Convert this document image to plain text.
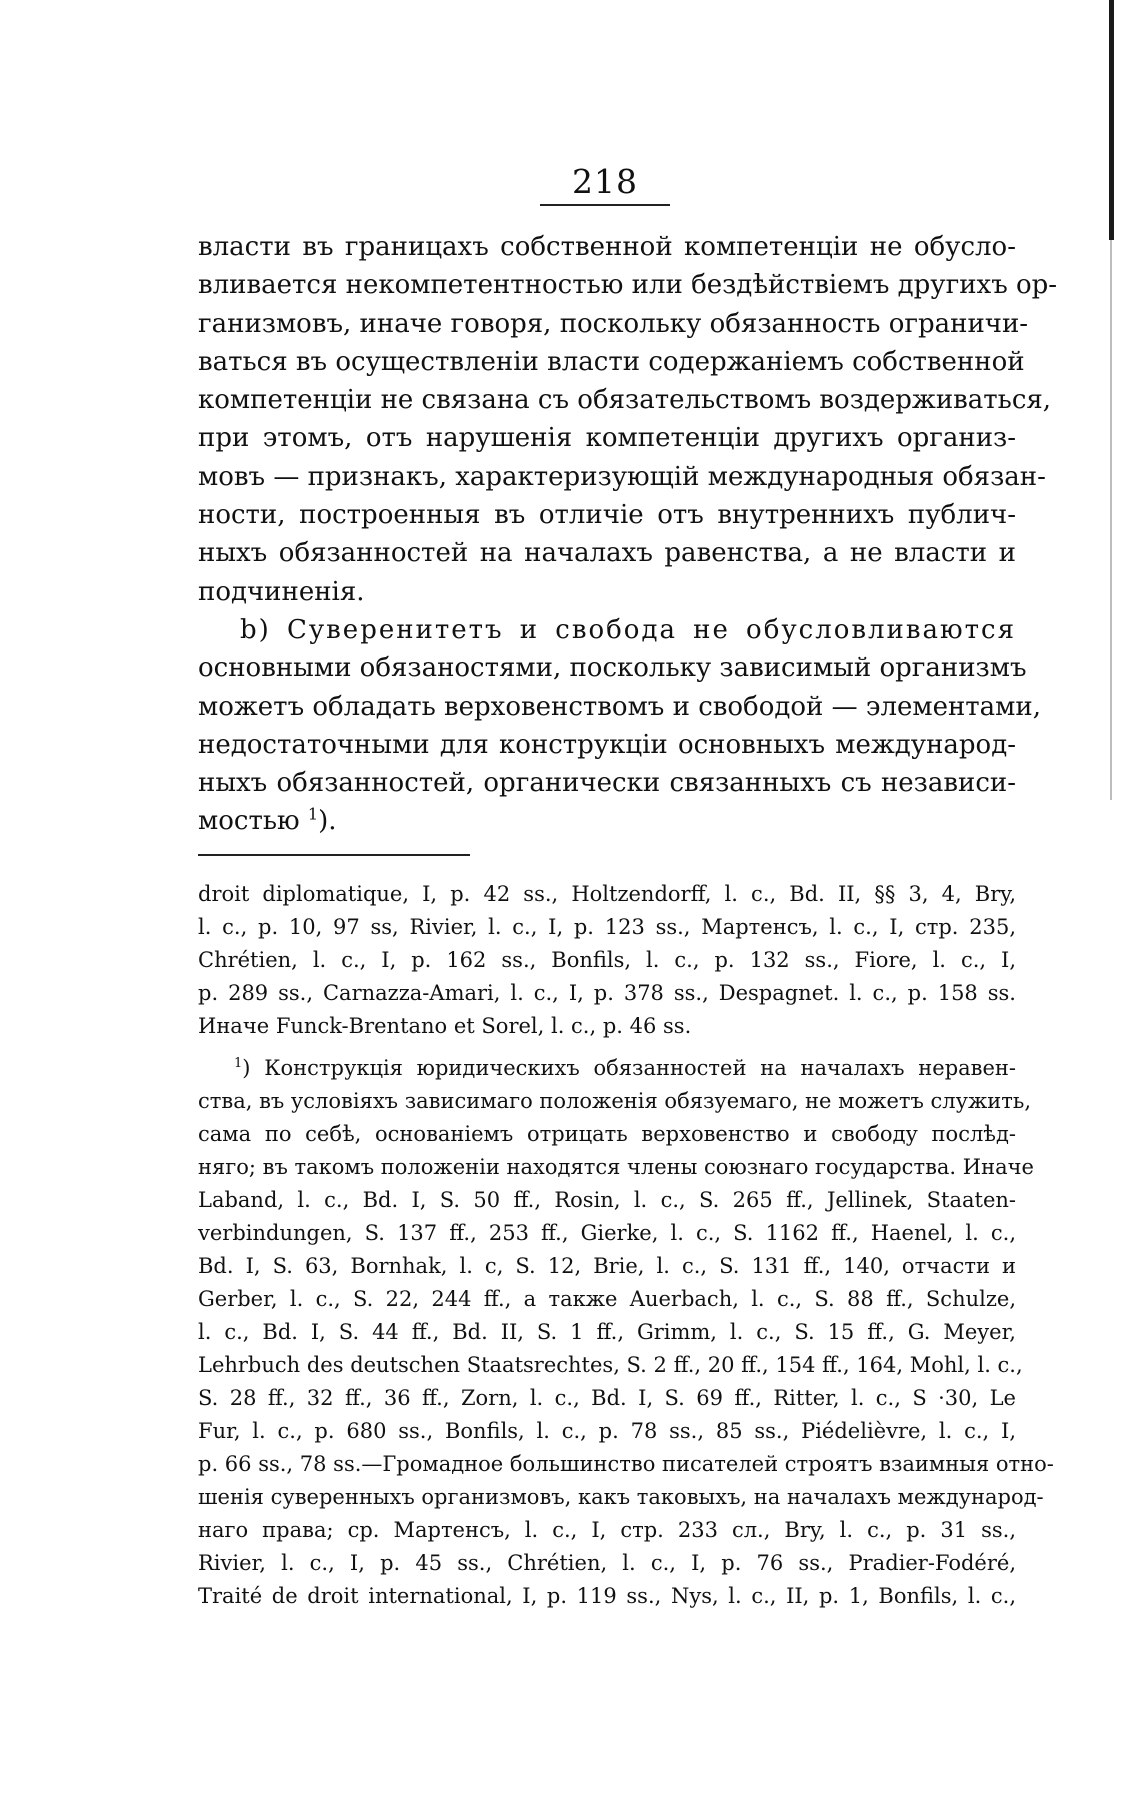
218
власти въ границахъ собственной компетенціи не обусло-
вливается некомпетентностью или бездѣйствіемъ другихъ ор-
ганизмовъ, иначе говоря, поскольку обязанность ограничи-
ваться въ осуществленіи власти содержаніемъ собственной
компетенціи не связана съ обязательствомъ воздерживаться,
при этомъ, отъ нарушенія компетенціи другихъ организ-
мовъ — признакъ, характеризующій международныя обязан-
ности, построенныя въ отличіе отъ внутреннихъ публич-
ныхъ обязанностей на началахъ равенства, а не власти и
подчиненія.
b) Суверенитетъ и свобода не обусловливаются
основными обязаностями, поскольку зависимый организмъ
можетъ обладать верховенствомъ и свободой — элементами,
недостаточными для конструкціи основныхъ международ-
ныхъ обязанностей, органически связанныхъ съ независи-
мостью $^1$).
droit diplomatique, I, p. 42 ss., Holtzendorff, l. c., Bd. II, §§ 3, 4, Bry,
l. c., p. 10, 97 ss, Rivier, l. c., I, p. 123 ss., Мартенсъ, l. c., I, стр. 235,
Chrétien, l. c., I, p. 162 ss., Bonfils, l. c., p. 132 ss., Fiore, l. c., I,
p. 289 ss., Carnazza-Amari, l. c., I, p. 378 ss., Despagnet. l. c., p. 158 ss.
Иначе Funck-Brentano et Sorel, l. c., p. 46 ss.
$^1$) Конструкція юридическихъ обязанностей на началахъ неравен-
ства, въ условіяхъ зависимаго положенія обязуемаго, не можетъ служить,
сама по себѣ, основаніемъ отрицать верховенство и свободу послѣд-
няго; въ такомъ положеніи находятся члены союзнаго государства. Иначе
Laband, l. c., Bd. I, S. 50 ff., Rosin, l. c., S. 265 ff., Jellinek, Staaten-
verbindungen, S. 137 ff., 253 ff., Gierke, l. c., S. 1162 ff., Haenel, l. c.,
Bd. I, S. 63, Bornhak, l. c, S. 12, Brie, l. c., S. 131 ff., 140, отчасти и
Gerber, l. c., S. 22, 244 ff., а также Auerbach, l. c., S. 88 ff., Schulze,
l. c., Bd. I, S. 44 ff., Bd. II, S. 1 ff., Grimm, l. c., S. 15 ff., G. Meyer,
Lehrbuch des deutschen Staatsrechtes, S. 2 ff., 20 ff., 154 ff., 164, Mohl, l. c.,
S. 28 ff., 32 ff., 36 ff., Zorn, l. c., Bd. I, S. 69 ff., Ritter, l. c., S ·30, Le
Fur, l. c., p. 680 ss., Bonfils, l. c., p. 78 ss., 85 ss., Piédelièvre, l. c., I,
p. 66 ss., 78 ss.—Громадное большинство писателей строятъ взаимныя отно-
шенія суверенныхъ организмовъ, какъ таковыхъ, на началахъ международ-
наго права; ср. Мартенсъ, l. c., I, стр. 233 сл., Bry, l. c., p. 31 ss.,
Rivier, l. c., I, p. 45 ss., Chrétien, l. c., I, p. 76 ss., Pradier-Fodéré,
Traité de droit international, I, p. 119 ss., Nys, l. c., II, p. 1, Bonfils, l. c.,
